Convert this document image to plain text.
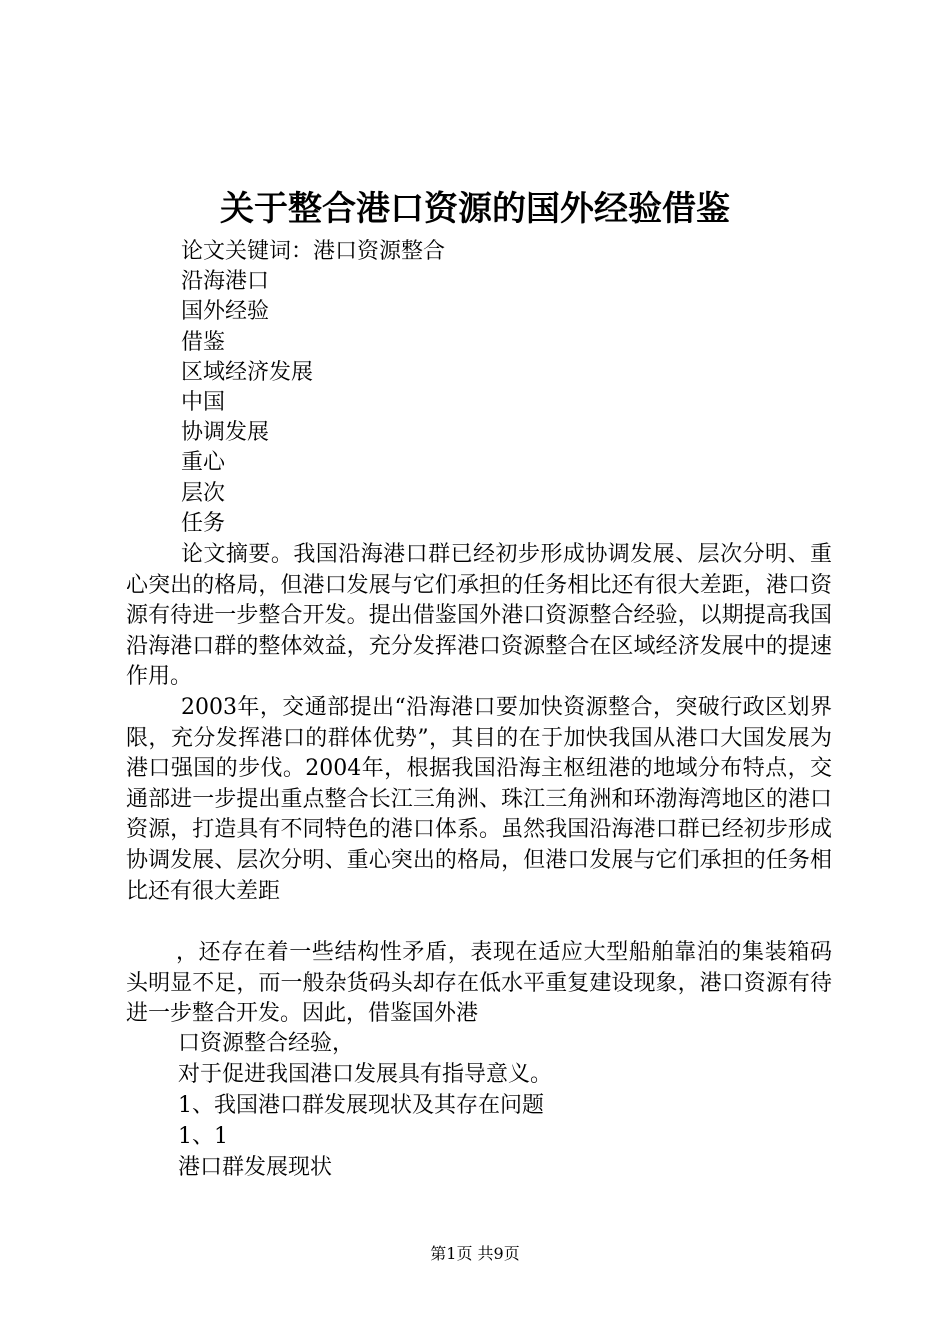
关于整合港口资源的国外经验借鉴
论文关键词：港口资源整合
沿海港口
国外经验
借鉴
区域经济发展
中国
协调发展
重心
层次
任务

论文摘要。我国沿海港口群已经初步形成协调发展、层次分明、重心突出的格局，但港口发展与它们承担的任务相比还有很大差距，港口资源有待进一步整合开发。提出借鉴国外港口资源整合经验，以期提高我国沿海港口群的整体效益，充分发挥港口资源整合在区域经济发展中的提速作用。

2003年，交通部提出“沿海港口要加快资源整合，突破行政区划界限，充分发挥港口的群体优势”，其目的在于加快我国从港口大国发展为港口强国的步伐。2004年，根据我国沿海主枢纽港的地域分布特点，交通部进一步提出重点整合长江三角洲、珠江三角洲和环渤海湾地区的港口资源，打造具有不同特色的港口体系。虽然我国沿海港口群已经初步形成协调发展、层次分明、重心突出的格局，但港口发展与它们承担的任务相比还有很大差距

，还存在着一些结构性矛盾，表现在适应大型船舶靠泊的集装箱码头明显不足，而一般杂货码头却存在低水平重复建设现象，港口资源有待进一步整合开发。因此，借鉴国外港

口资源整合经验，
对于促进我国港口发展具有指导意义。
1、我国港口群发展现状及其存在问题
1、1
港口群发展现状
第1页 共9页
